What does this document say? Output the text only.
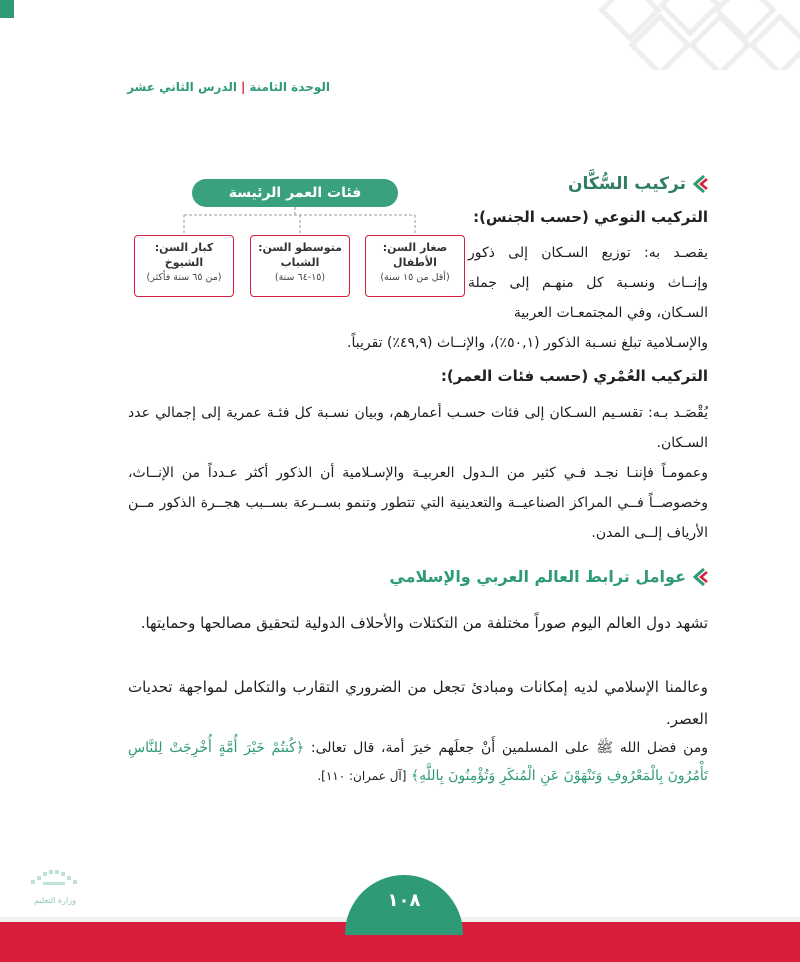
الوحدة الثامنة|الدرس الثاني عشر
تركيب السُّكَّان
التركيب النوعي (حسب الجنس):

يقصـد به: توزيع السـكان إلى ذكور وإنــاث ونسـبة كل منهـم إلى جملة السـكان، وفي المجتمعـات العربية

والإسـلامية تبلغ نسـبة الذكور (٥٠,١٪)، والإنــاث (٤٩,٩٪) تقريباً.

فئات العمر الرئيسة
صغار السن:
الأطفال
(أقل من ١٥ سنة)
متوسطو السن:
الشباب
(١٥-٦٤ سنة)
كبار السن:
الشيوخ
(من ٦٥ سنة فأكثر)
التركيب العُمْري (حسب فئات العمر):

يُقْصَـد بـه: تقسـيم السـكان إلى فئات حسـب أعمارهم، وبيان نسـبة كل فئـة عمرية إلى إجمالي عدد السـكان.

وعمومـاً فإننـا نجـد فـي كثير من الـدول العربيـة والإسـلامية أن الذكور أكثر عـدداً من الإنــاث، وخصوصــاً فــي المراكز الصناعيــة والتعدينية التي تتطور وتنمو بســرعة بســبب هجــرة الذكور مــن الأرياف إلــى المدن.

عوامل ترابط العالم العربي والإسلامي

تشهد دول العالم اليوم صوراً مختلفة من التكتلات والأحلاف الدولية لتحقيق مصالحها وحمايتها.

وعالمنا الإسلامي لديه إمكانات ومبادئ تجعل من الضروري التقارب والتكامل لمواجهة تحديات العصر.

ومن فضل الله ﷺ على المسلمين أَنْ جعلَهم خيرَ أمة، قال تعالى: ﴿كُنتُمْ خَيْرَ أُمَّةٍ أُخْرِجَتْ لِلنَّاسِ تَأْمُرُونَ بِالْمَعْرُوفِ وَتَنْهَوْنَ عَنِ الْمُنكَرِ وَتُؤْمِنُونَ بِاللَّهِ﴾ [آل عمران: ١١٠].

١٠٨
وزارة التعليم
